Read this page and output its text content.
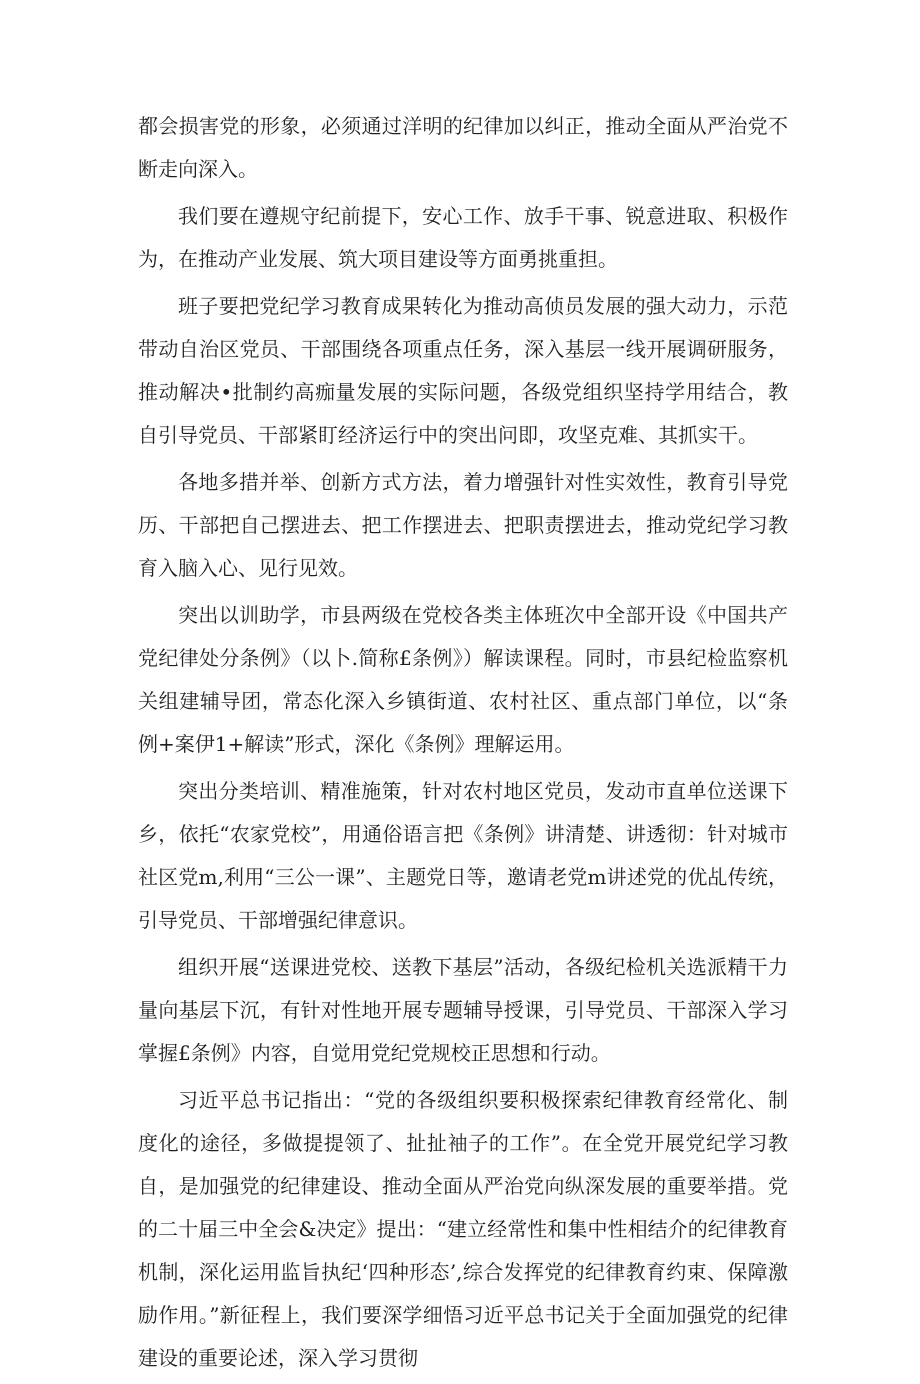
都会损害党的形象，必须通过洋明的纪律加以纠正，推动全面从严治党不断走向深入。

我们要在遵规守纪前提下，安心工作、放手干事、锐意进取、积极作为，在推动产业发展、筑大项目建设等方面勇挑重担。

班子要把党纪学习教育成果转化为推动高侦员发展的强大动力，示范带动自治区党员、干部围绕各项重点任务，深入基层一线开展调研服务，推动解决•批制约高痂量发展的实际问题，各级党组织坚持学用结合，教自引导党员、干部紧盯经济运行中的突出问即，攻坚克难、其抓实干。

各地多措并举、创新方式方法，着力增强针对性实效性，教育引导党历、干部把自己摆进去、把工作摆进去、把职责摆进去，推动党纪学习教育入脑入心、见行见效。

突出以训助学，市县两级在党校各类主体班次中全部开设《中国共产党纪律处分条例》（以卜.简称£条例》）解读课程。同时，市县纪检监察机关组建辅导团，常态化深入乡镇街道、农村社区、重点部门单位，以“条例+案伊1+解读”形式，深化《条例》理解运用。

突出分类培训、精准施策，针对农村地区党员，发动市直单位送课下乡，依托“农家党校”，用通俗语言把《条例》讲清楚、讲透彻：针对城市社区党m,利用“三公一课”、主题党日等，邀请老党m讲述党的优乩传统，引导党员、干部增强纪律意识。

组织开展“送课进党校、送教下基层”活动，各级纪检机关选派精干力量向基层下沉，有针对性地开展专题辅导授课，引导党员、干部深入学习掌握£条例》内容，自觉用党纪党规校正思想和行动。

习近平总书记指出：“党的各级组织要积极探索纪律教育经常化、制度化的途径，多做提提领了、扯扯袖子的工作”。在全党开展党纪学习教自，是加强党的纪律建设、推动全面从严治党向纵深发展的重要举措。党的二十届三中全会&决定》提出：“建立经常性和集中性相结介的纪律教育机制，深化运用监旨执纪‘四种形态’,综合发挥党的纪律教育约束、保障激励作用。”新征程上，我们要深学细悟习近平总书记关于全面加强党的纪律建设的重要论述，深入学习贯彻
